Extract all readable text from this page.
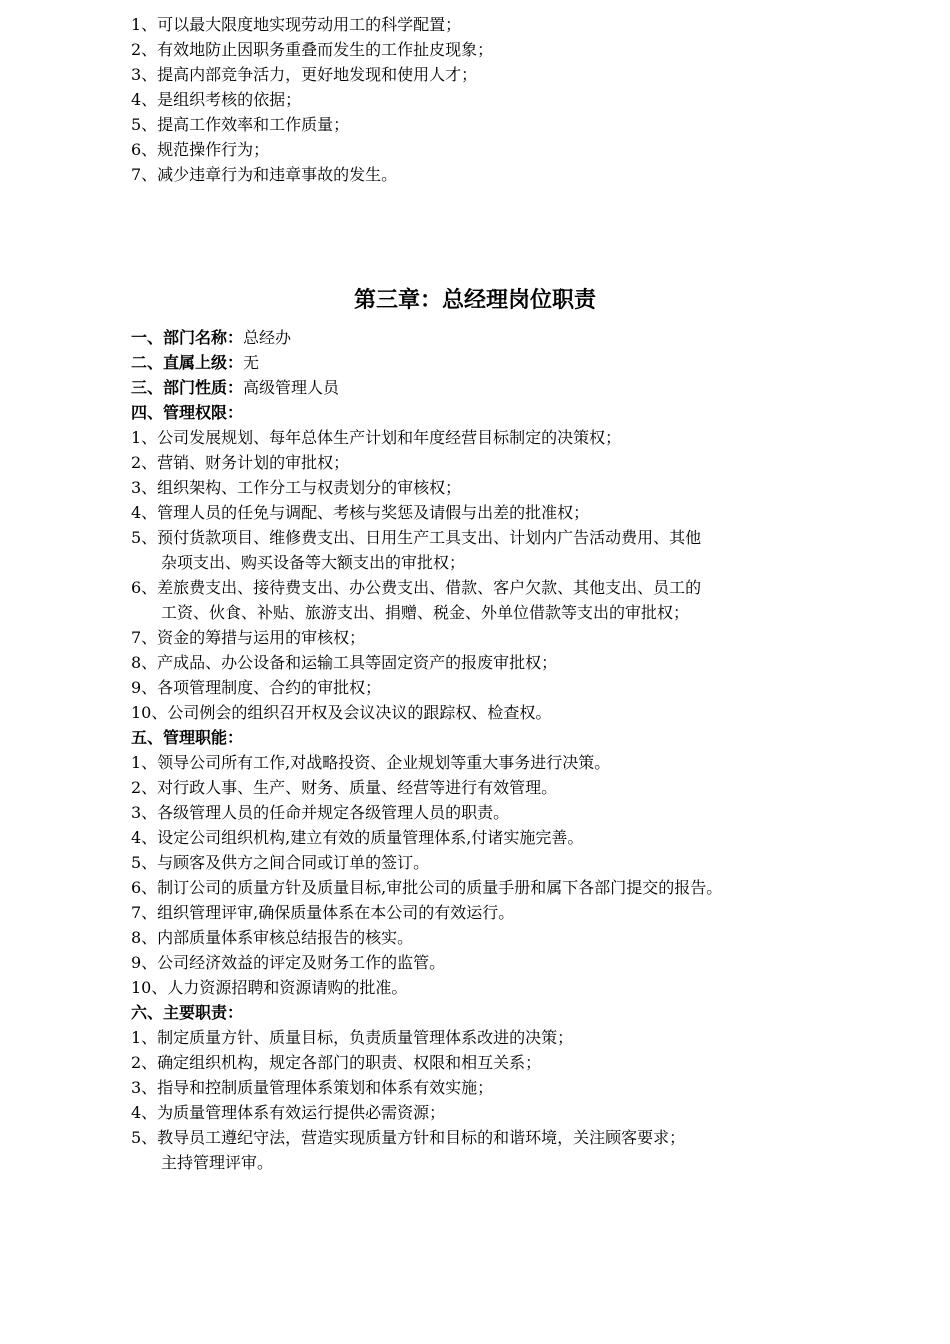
1、可以最大限度地实现劳动用工的科学配置；
2、有效地防止因职务重叠而发生的工作扯皮现象；
3、提高内部竞争活力，更好地发现和使用人才；
4、是组织考核的依据；
5、提高工作效率和工作质量；
6、规范操作行为；
7、减少违章行为和违章事故的发生。
第三章：总经理岗位职责
一、部门名称：总经办
二、直属上级：无
三、部门性质：高级管理人员
四、管理权限：
1、公司发展规划、每年总体生产计划和年度经营目标制定的决策权；
2、营销、财务计划的审批权；
3、组织架构、工作分工与权责划分的审核权；
4、管理人员的任免与调配、考核与奖惩及请假与出差的批准权；
5、预付货款项目、维修费支出、日用生产工具支出、计划内广告活动费用、其他
杂项支出、购买设备等大额支出的审批权；
6、差旅费支出、接待费支出、办公费支出、借款、客户欠款、其他支出、员工的
工资、伙食、补贴、旅游支出、捐赠、税金、外单位借款等支出的审批权；
7、资金的筹措与运用的审核权；
8、产成品、办公设备和运输工具等固定资产的报废审批权；
9、各项管理制度、合约的审批权；
10、公司例会的组织召开权及会议决议的跟踪权、检查权。
五、管理职能：
1、领导公司所有工作,对战略投资、企业规划等重大事务进行决策。
2、对行政人事、生产、财务、质量、经营等进行有效管理。
3、各级管理人员的任命并规定各级管理人员的职责。
4、设定公司组织机构,建立有效的质量管理体系,付诸实施完善。
5、与顾客及供方之间合同或订单的签订。
6、制订公司的质量方针及质量目标,审批公司的质量手册和属下各部门提交的报告。
7、组织管理评审,确保质量体系在本公司的有效运行。
8、内部质量体系审核总结报告的核实。
9、公司经济效益的评定及财务工作的监管。
10、人力资源招聘和资源请购的批准。
六、主要职责：
1、制定质量方针、质量目标，负责质量管理体系改进的决策；
2、确定组织机构，规定各部门的职责、权限和相互关系；
3、指导和控制质量管理体系策划和体系有效实施；
4、为质量管理体系有效运行提供必需资源；
5、教导员工遵纪守法，营造实现质量方针和目标的和谐环境，关注顾客要求；
主持管理评审。
